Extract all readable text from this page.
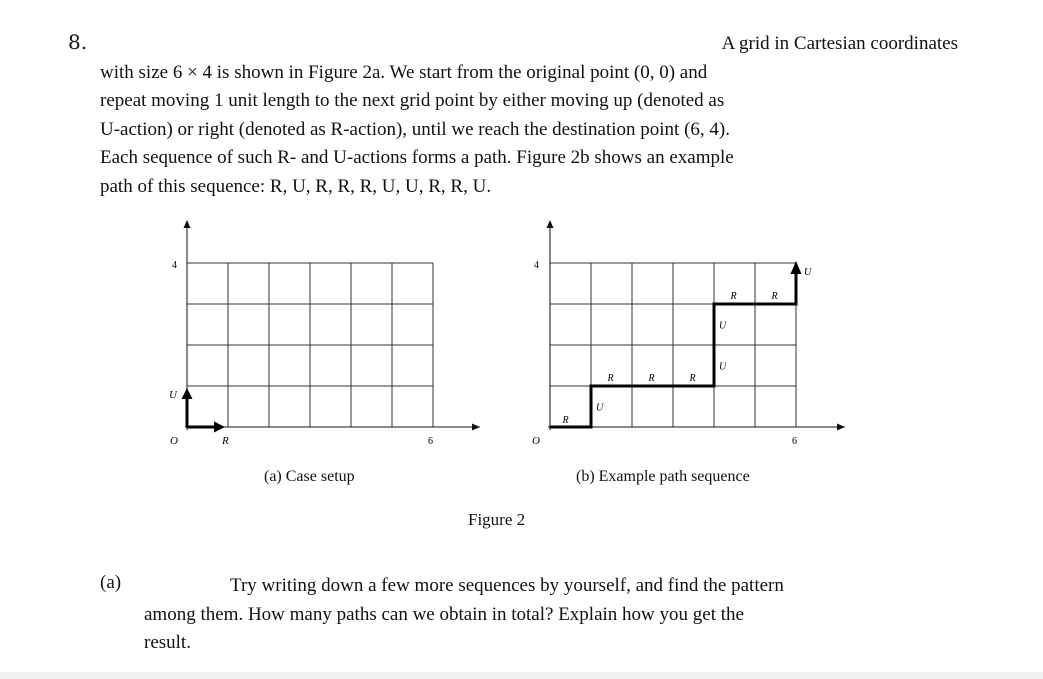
8.	A grid in Cartesian coordinates
with size 6 × 4 is shown in Figure 2a. We start from the original point (0, 0) and
repeat moving 1 unit length to the next grid point by either moving up (denoted as
U-action) or right (denoted as R-action), until we reach the destination point (6, 4).
Each sequence of such R- and U-actions forms a path. Figure 2b shows an example
path of this sequence: R, U, R, R, R, U, U, R, R, U.
O	6
4
R
U
R
U
R	R	R
U
U
R	R
U
O	6
4
(a) Case setup	(b) Example path sequence
Figure 2
(a)	Try writing down a few more sequences by yourself, and find the pattern
among them. How many paths can we obtain in total? Explain how you get the
result.
